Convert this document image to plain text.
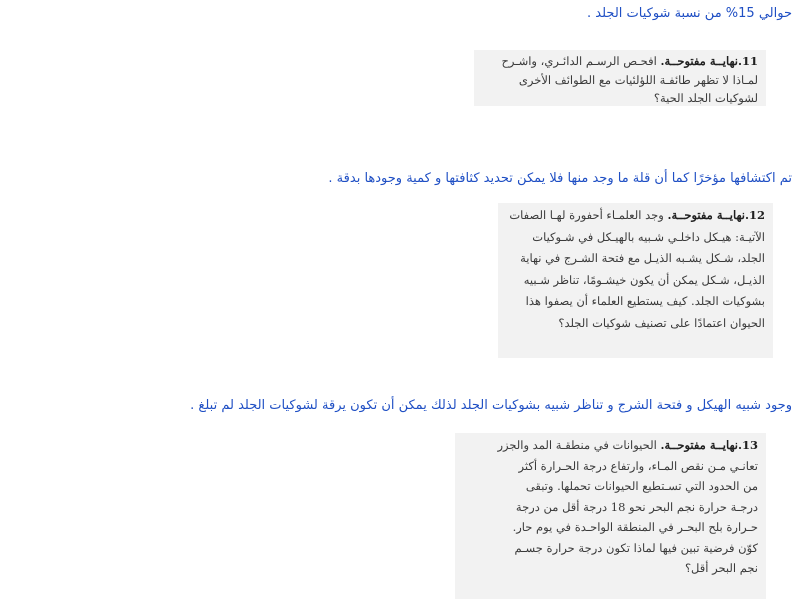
حوالي 15% من نسبة شوكيات الجلد .

11.نهايــة مفتوحــة. افحـص الرسـم الدائـري، واشـرح
لمـاذا لا تظهر طائفـة اللؤلئيات مع الطوائف الأخرى
لشوكيات الجلد الحية؟

تم اكتشافها مؤخرًا كما أن قلة ما وجد منها فلا يمكن تحديد كثافتها و كمية وجودها بدقة .

12.نهايــة مفتوحــة. وجد العلمـاء أحفورة لهـا الصفات
الآتيـة: هيـكل داخلـي شـبيه بالهيـكل في شـوكيات
الجلد، شـكل يشـبه الذيـل مع فتحة الشـرج في نهاية
الذيـل، شـكل يمكن أن يكون خيشـومًا، تناظر شـبيه
بشوكيات الجلد. كيف يستطيع العلماء أن يصفوا هذا
الحيوان اعتمادًا على تصنيف شوكيات الجلد؟

وجود شبيه الهيكل و فتحة الشرج و تناظر شبيه بشوكيات الجلد لذلك يمكن أن تكون يرقة لشوكيات الجلد لم تبلغ .

13.نهايــة مفتوحــة. الحيوانات في منطقـة المد والجزر
تعانـي مـن نقص المـاء، وارتفاع درجة الحـرارة أكثر
من الحدود التي تسـتطيع الحيوانات تحملها. وتبقى
درجـة حرارة نجم البحر نحو 18 درجة أقل من درجة
حـرارة بلح البحـر في المنطقة الواحـدة في يوم حار.
كوّن فرضية تبين فيها لماذا تكون درجة حرارة جسـم
نجم البحر أقل؟
